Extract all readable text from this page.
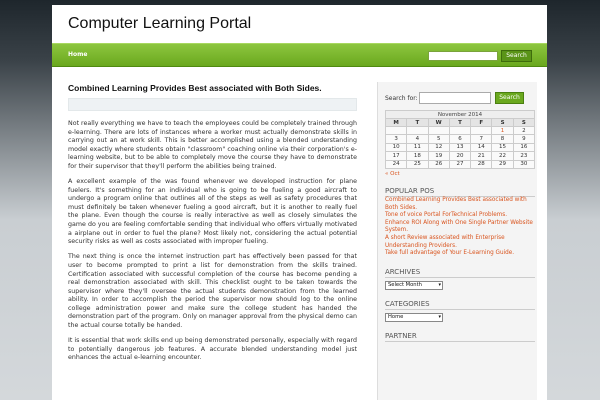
Computer Learning Portal
Home	Search
Combined Learning Provides Best associated with Both Sides.

Not really everything we have to teach the employees could be completely trained through e-learning. There are lots of instances where a worker must actually demonstrate skills in carrying out an at work skill. This is better accomplished using a blended understanding model exactly where students obtain "classroom" coaching online via their corporation's e-learning website, but to be able to completely move the course they have to demonstrate for their supervisor that they'll perform the abilities being trained.

A excellent example of the was found whenever we developed instruction for plane fuelers. It's something for an individual who is going to be fueling a good aircraft to undergo a program online that outlines all of the steps as well as safety procedures that must definitely be taken whenever fueling a good aircraft, but it is another to really fuel the plane. Even though the course is really interactive as well as closely simulates the game do you are feeling comfortable sending that individual who offers virtually motivated a airplane out in order to fuel the plane? Most likely not, considering the actual potential security risks as well as costs associated with improper fueling.

The next thing is once the internet instruction part has effectively been passed for that user to become prompted to print a list for demonstration from the skills trained. Certification associated with successful completion of the course has become pending a real demonstration associated with skill. This checklist ought to be taken towards the supervisor where they'll oversee the actual students demonstration from the learned ability. In order to accomplish the period the supervisor now should log to the online college administration power and make sure the college student has handed the demonstration part of the program. Only on manager approval from the physical demo can the actual course totally be handed.

It is essential that work skills end up being demonstrated personally, especially with regard to potentially dangerous job features. A accurate blended understanding model just enhances the actual e-learning encounter.

Search for:	Search
November 2014
M	T	W	T	F	S	S
					1	2
3	4	5	6	7	8	9
10	11	12	13	14	15	16
17	18	19	20	21	22	23
24	25	26	27	28	29	30
« Oct
POPULAR POS
Combined Learning Provides Best associated with Both Sides.
Tone of voice Portal ForTechnical Problems.
Enhance ROI Along with One Single Partner Website System.
A short Review associated with Enterprise Understanding Providers.
Take full advantage of Your E-Learning Guide.
ARCHIVES
Select Month	▾
CATEGORIES
Home	▾
PARTNER
